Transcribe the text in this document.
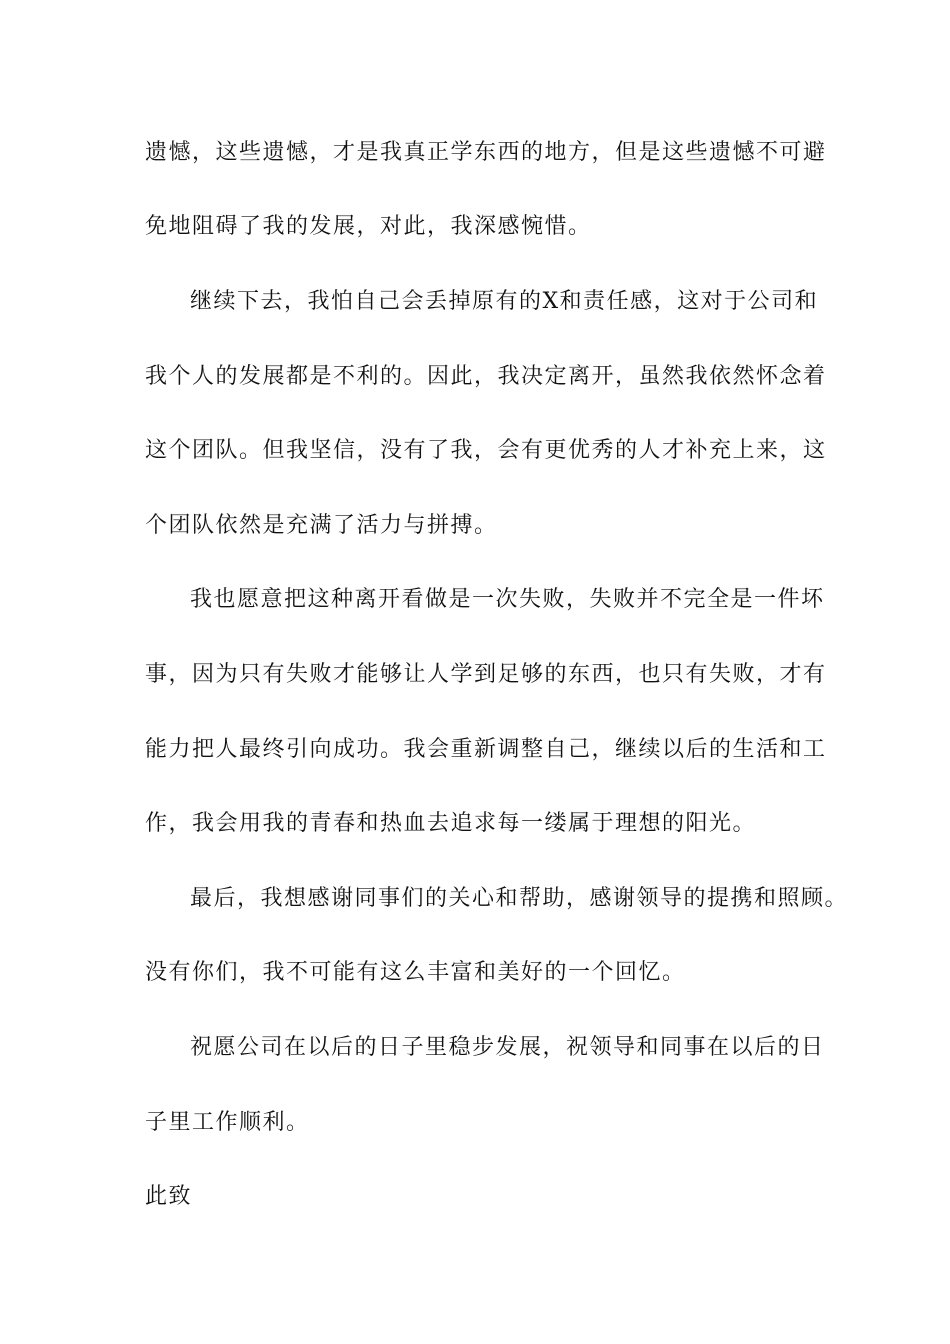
遗憾，这些遗憾，才是我真正学东西的地方，但是这些遗憾不可避
免地阻碍了我的发展，对此，我深感惋惜。
继续下去，我怕自己会丢掉原有的X和责任感，这对于公司和
我个人的发展都是不利的。因此，我决定离开，虽然我依然怀念着
这个团队。但我坚信，没有了我，会有更优秀的人才补充上来，这
个团队依然是充满了活力与拼搏。
我也愿意把这种离开看做是一次失败，失败并不完全是一件坏
事，因为只有失败才能够让人学到足够的东西，也只有失败，才有
能力把人最终引向成功。我会重新调整自己，继续以后的生活和工
作，我会用我的青春和热血去追求每一缕属于理想的阳光。
最后，我想感谢同事们的关心和帮助，感谢领导的提携和照顾。
没有你们，我不可能有这么丰富和美好的一个回忆。
祝愿公司在以后的日子里稳步发展，祝领导和同事在以后的日
子里工作顺利。
此致
